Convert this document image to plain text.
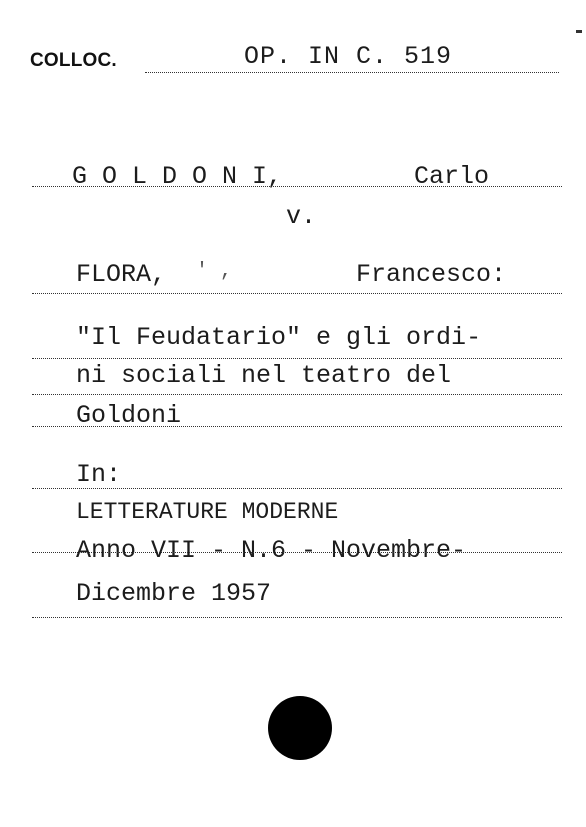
COLLOC.	OP. IN C. 519
G O L D O N I,	Carlo
v.
FLORA, ' ,	Francesco:
"Il Feudatario" e gli ordi-
ni sociali nel teatro del
Goldoni
In:
LETTERATURE MODERNE
Anno VII - N.6 - Novembre-
Dicembre 1957
